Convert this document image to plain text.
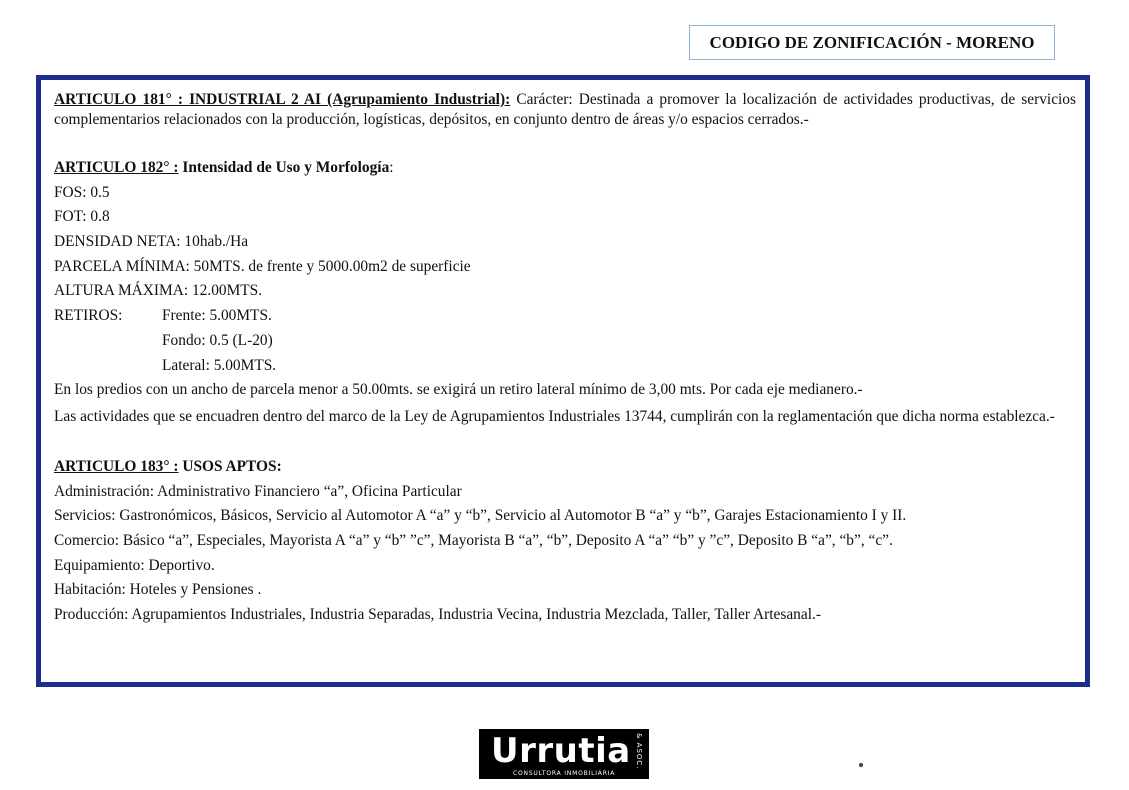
CODIGO DE ZONIFICACIÓN - MORENO

ARTICULO 181° : INDUSTRIAL 2 AI (Agrupamiento Industrial): Carácter: Destinada a promover la localización de actividades productivas, de servicios complementarios relacionados con la producción, logísticas, depósitos, en conjunto dentro de áreas y/o espacios cerrados.-

ARTICULO 182° : Intensidad de Uso y Morfología:

FOS: 0.5

FOT: 0.8

DENSIDAD NETA: 10hab./Ha

PARCELA MÍNIMA: 50MTS. de frente y 5000.00m2 de superficie

ALTURA MÁXIMA: 12.00MTS.

RETIROS:	Frente: 5.00MTS.

Fondo: 0.5 (L-20)

Lateral: 5.00MTS.

En los predios con un ancho de parcela menor a 50.00mts. se exigirá un retiro lateral mínimo de 3,00 mts. Por cada eje medianero.-

Las actividades que se encuadren dentro del marco de la Ley de Agrupamientos Industriales 13744, cumplirán con la reglamentación que dicha norma establezca.-

ARTICULO 183° : USOS APTOS:

Administración: Administrativo Financiero “a”, Oficina Particular

Servicios: Gastronómicos, Básicos, Servicio al Automotor A “a” y “b”, Servicio al Automotor B “a” y “b”, Garajes Estacionamiento I y II.

Comercio: Básico “a”, Especiales, Mayorista A “a” y “b” ”c”, Mayorista B “a”, “b”, Deposito A “a” “b” y ”c”, Deposito B “a”, “b”, “c”.

Equipamiento: Deportivo.

Habitación: Hoteles y Pensiones .

Producción: Agrupamientos Industriales, Industria Separadas, Industria Vecina, Industria Mezclada, Taller, Taller Artesanal.-

Urrutia & ASOC.
CONSULTORA INMOBILIARIA
